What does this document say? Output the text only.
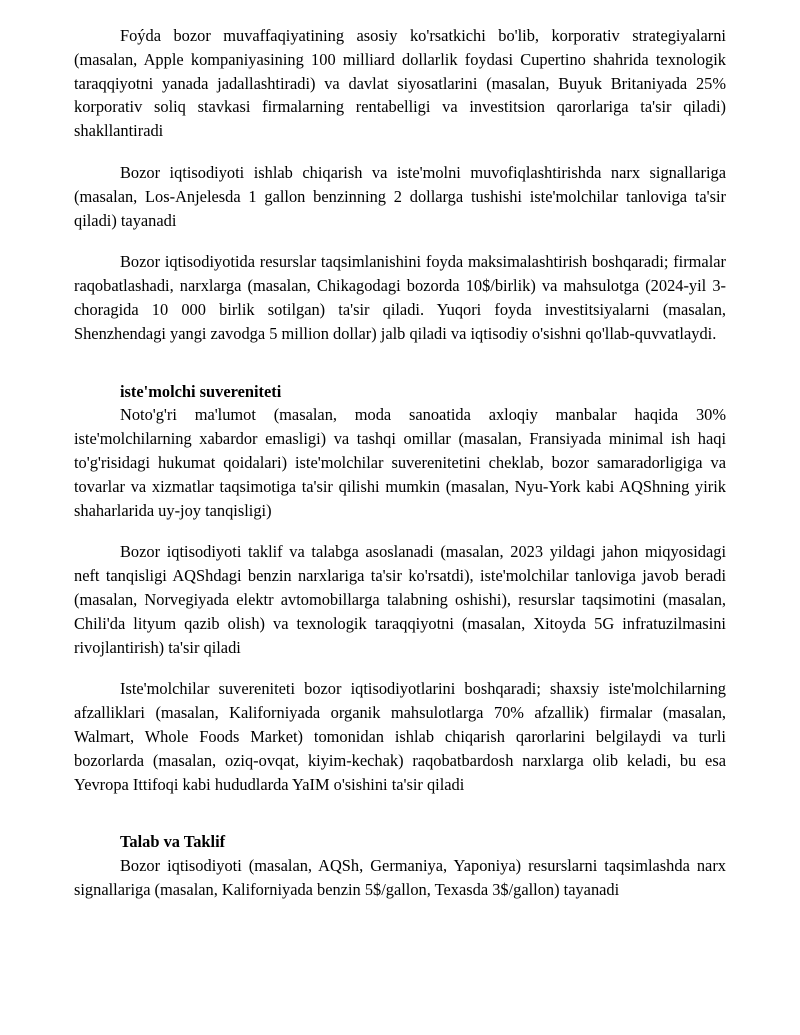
Foýda bozor muvaffaqiyatining asosiy ko'rsatkichi bo'lib, korporativ strategiyalarni (masalan, Apple kompaniyasining 100 milliard dollarlik foydasi Cupertino shahrida texnologik taraqqiyotni yanada jadallashtiradi) va davlat siyosatlarini (masalan, Buyuk Britaniyada 25% korporativ soliq stavkasi firmalarning rentabelligi va investitsion qarorlariga ta'sir qiladi) shakllantiradi

Bozor iqtisodiyoti ishlab chiqarish va iste'molni muvofiqlashtirishda narx signallariga (masalan, Los-Anjelesda 1 gallon benzinning 2 dollarga tushishi iste'molchilar tanloviga ta'sir qiladi) tayanadi

Bozor iqtisodiyotida resurslar taqsimlanishini foyda maksimalashtirish boshqaradi; firmalar raqobatlashadi, narxlarga (masalan, Chikagodagi bozorda 10$/birlik) va mahsulotga (2024-yil 3-choragida 10 000 birlik sotilgan) ta'sir qiladi. Yuqori foyda investitsiyalarni (masalan, Shenzhendagi yangi zavodga 5 million dollar) jalb qiladi va iqtisodiy o'sishni qo'llab-quvvatlaydi.

iste'molchi suvereniteti

Noto'g'ri ma'lumot (masalan, moda sanoatida axloqiy manbalar haqida 30% iste'molchilarning xabardor emasligi) va tashqi omillar (masalan, Fransiyada minimal ish haqi to'g'risidagi hukumat qoidalari) iste'molchilar suverenitetini cheklab, bozor samaradorligiga va tovarlar va xizmatlar taqsimotiga ta'sir qilishi mumkin (masalan, Nyu-York kabi AQShning yirik shaharlarida uy-joy tanqisligi)

Bozor iqtisodiyoti taklif va talabga asoslanadi (masalan, 2023 yildagi jahon miqyosidagi neft tanqisligi AQShdagi benzin narxlariga ta'sir ko'rsatdi), iste'molchilar tanloviga javob beradi (masalan, Norvegiyada elektr avtomobillarga talabning oshishi), resurslar taqsimotini (masalan, Chili'da lityum qazib olish) va texnologik taraqqiyotni (masalan, Xitoyda 5G infratuzilmasini rivojlantirish) ta'sir qiladi

Iste'molchilar suvereniteti bozor iqtisodiyotlarini boshqaradi; shaxsiy iste'molchilarning afzalliklari (masalan, Kaliforniyada organik mahsulotlarga 70% afzallik) firmalar (masalan, Walmart, Whole Foods Market) tomonidan ishlab chiqarish qarorlarini belgilaydi va turli bozorlarda (masalan, oziq-ovqat, kiyim-kechak) raqobatbardosh narxlarga olib keladi, bu esa Yevropa Ittifoqi kabi hududlarda YaIM o'sishini ta'sir qiladi

Talab va Taklif

Bozor iqtisodiyoti (masalan, AQSh, Germaniya, Yaponiya) resurslarni taqsimlashda narx signallariga (masalan, Kaliforniyada benzin 5$/gallon, Texasda 3$/gallon) tayanadi
